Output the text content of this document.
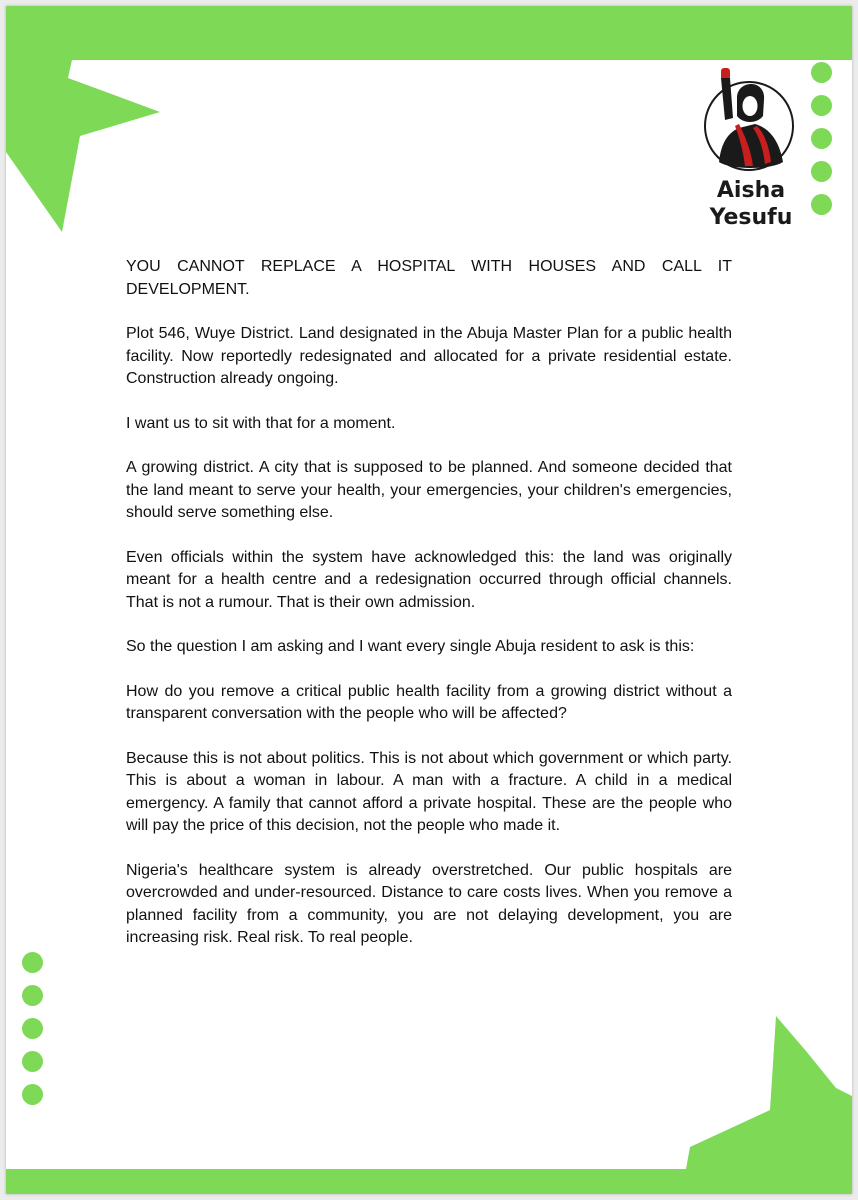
Aisha
Yesufu

YOU CANNOT REPLACE A HOSPITAL WITH HOUSES AND CALL IT DEVELOPMENT.

Plot 546, Wuye District. Land designated in the Abuja Master Plan for a public health facility. Now reportedly redesignated and allocated for a private residential estate. Construction already ongoing.

I want us to sit with that for a moment.

A growing district. A city that is supposed to be planned. And someone decided that the land meant to serve your health, your emergencies, your children's emergencies, should serve something else.

Even officials within the system have acknowledged this: the land was originally meant for a health centre and a redesignation occurred through official channels. That is not a rumour. That is their own admission.

So the question I am asking and I want every single Abuja resident to ask is this:

How do you remove a critical public health facility from a growing district without a transparent conversation with the people who will be affected?

Because this is not about politics. This is not about which government or which party. This is about a woman in labour. A man with a fracture. A child in a medical emergency. A family that cannot afford a private hospital. These are the people who will pay the price of this decision, not the people who made it.

Nigeria's healthcare system is already overstretched. Our public hospitals are overcrowded and under-resourced. Distance to care costs lives. When you remove a planned facility from a community, you are not delaying development, you are increasing risk. Real risk. To real people.
